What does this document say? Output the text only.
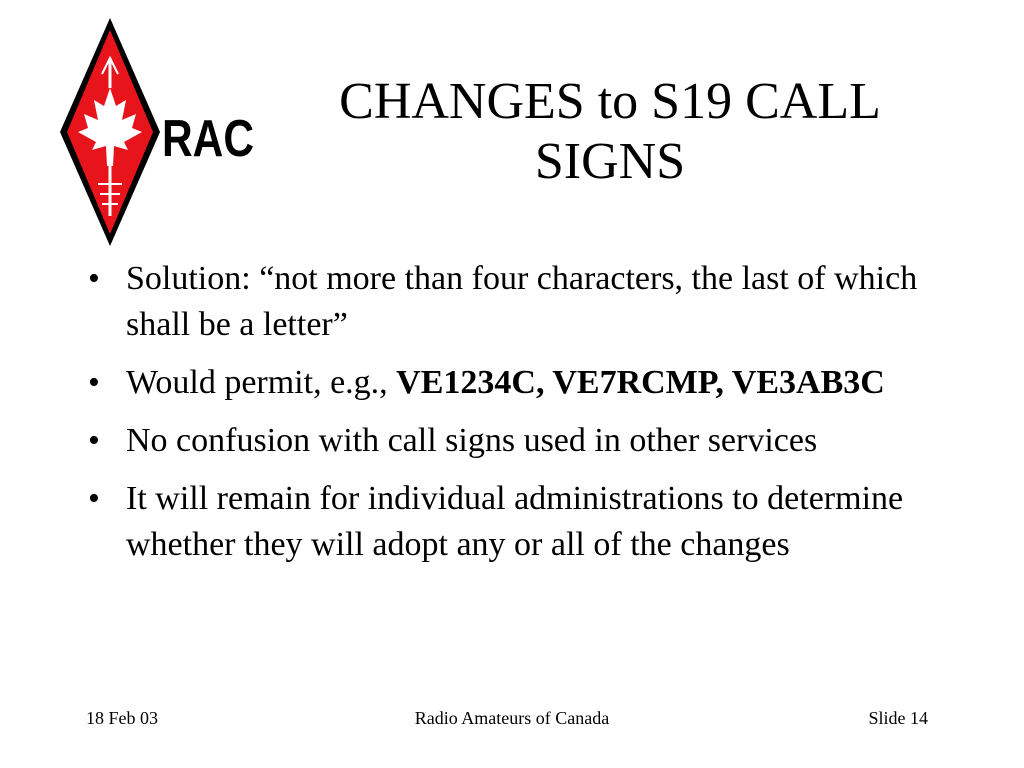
RAC
CHANGES to S19 CALL
SIGNS
• Solution: “not more than four characters, the last of which shall be a letter”
• Would permit, e.g., VE1234C, VE7RCMP, VE3AB3C
• No confusion with call signs used in other services
• It will remain for individual administrations to determine whether they will adopt any or all of the changes
18 Feb 03	Radio Amateurs of Canada	Slide 14
